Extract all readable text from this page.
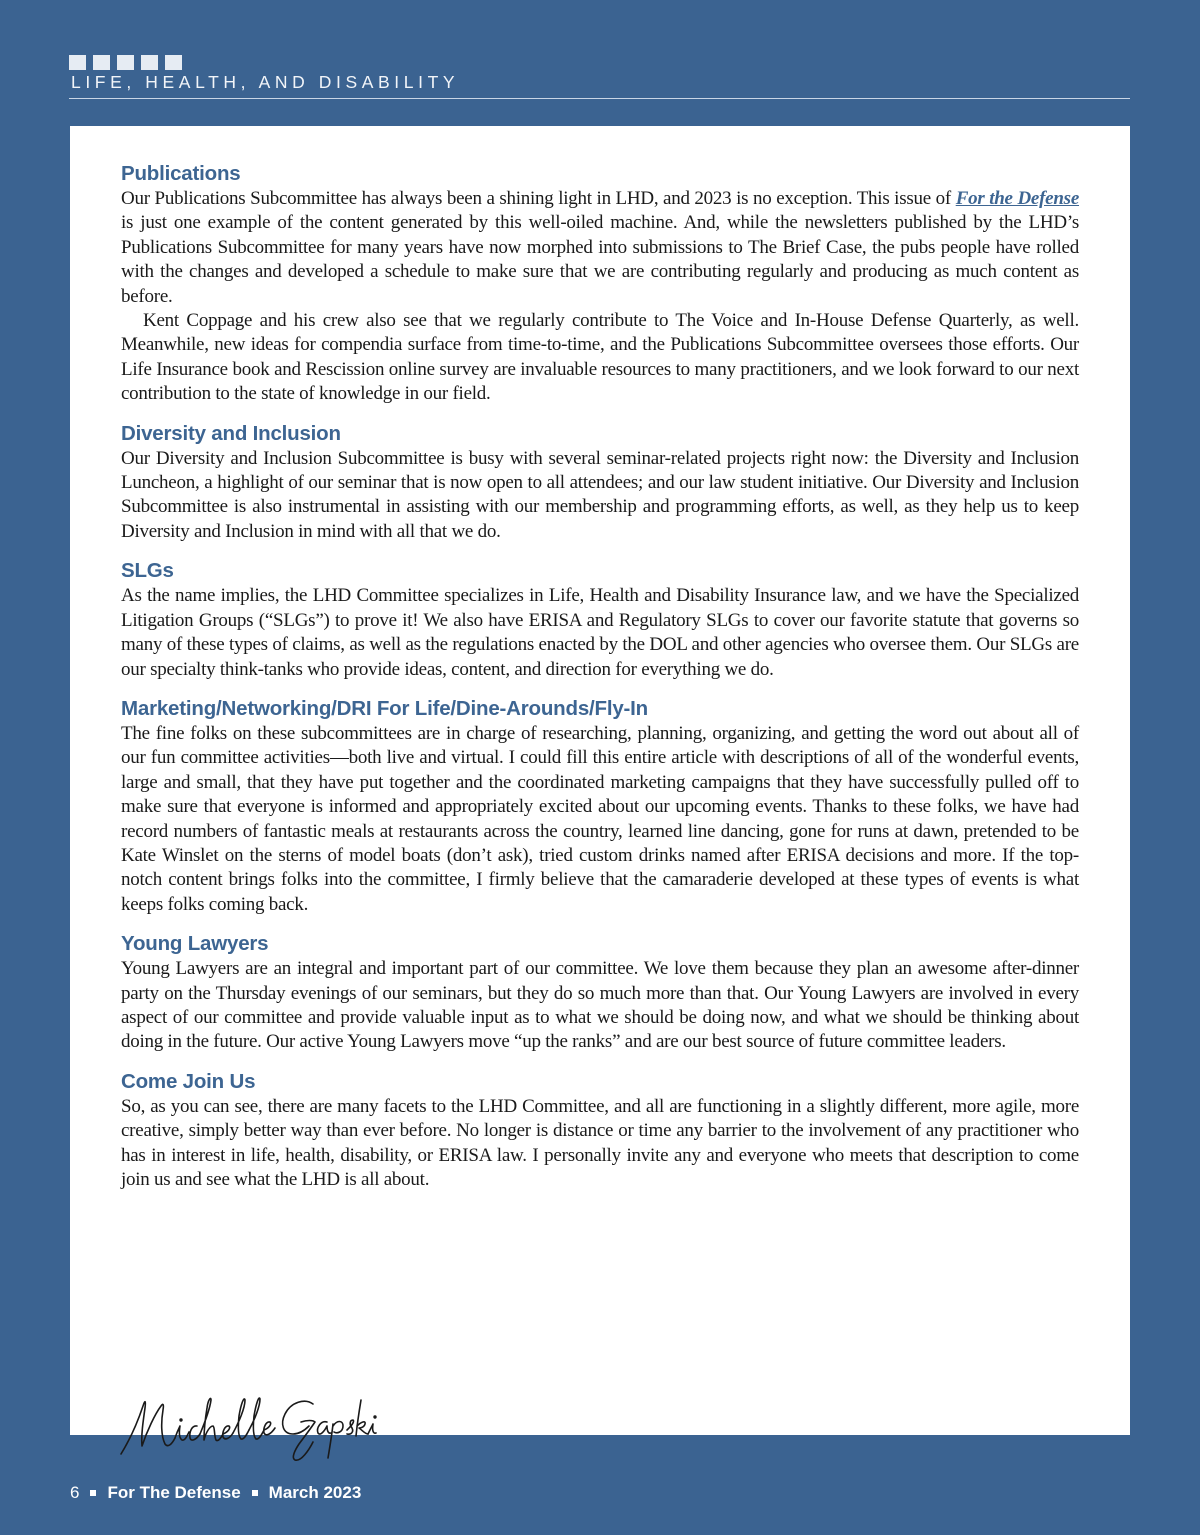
LIFE, HEALTH, AND DISABILITY
Publications

Our Publications Subcommittee has always been a shining light in LHD, and 2023 is no exception. This issue of For the Defense is just one example of the content generated by this well-oiled machine. And, while the newsletters published by the LHD’s Publications Subcommittee for many years have now morphed into submissions to The Brief Case, the pubs people have rolled with the changes and developed a schedule to make sure that we are contributing regularly and producing as much content as before.

Kent Coppage and his crew also see that we regularly contribute to The Voice and In-House Defense Quarterly, as well. Meanwhile, new ideas for compendia surface from time-to-time, and the Publications Subcommittee oversees those efforts. Our Life Insurance book and Rescission online survey are invaluable resources to many practitioners, and we look forward to our next contribution to the state of knowledge in our field.

Diversity and Inclusion

Our Diversity and Inclusion Subcommittee is busy with several seminar-related projects right now: the Diversity and Inclusion Luncheon, a highlight of our seminar that is now open to all attendees; and our law student initiative. Our Diversity and Inclusion Subcommittee is also instrumental in assisting with our membership and programming efforts, as well, as they help us to keep Diversity and Inclusion in mind with all that we do.

SLGs

As the name implies, the LHD Committee specializes in Life, Health and Disability Insurance law, and we have the Specialized Litigation Groups (“SLGs”) to prove it! We also have ERISA and Regulatory SLGs to cover our favorite statute that governs so many of these types of claims, as well as the regulations enacted by the DOL and other agencies who oversee them. Our SLGs are our specialty think-tanks who provide ideas, content, and direction for everything we do.

Marketing/Networking/DRI For Life/Dine-Arounds/Fly-In

The fine folks on these subcommittees are in charge of researching, planning, organizing, and getting the word out about all of our fun committee activities—both live and virtual. I could fill this entire article with descriptions of all of the wonderful events, large and small, that they have put together and the coordinated marketing campaigns that they have successfully pulled off to make sure that everyone is informed and appropriately excited about our upcoming events. Thanks to these folks, we have had record numbers of fantastic meals at restaurants across the country, learned line dancing, gone for runs at dawn, pretended to be Kate Winslet on the sterns of model boats (don’t ask), tried custom drinks named after ERISA decisions and more. If the top-notch content brings folks into the committee, I firmly believe that the camaraderie developed at these types of events is what keeps folks coming back.

Young Lawyers

Young Lawyers are an integral and important part of our committee. We love them because they plan an awesome after-dinner party on the Thursday evenings of our seminars, but they do so much more than that. Our Young Lawyers are involved in every aspect of our committee and provide valuable input as to what we should be doing now, and what we should be thinking about doing in the future. Our active Young Lawyers move “up the ranks” and are our best source of future committee leaders.

Come Join Us

So, as you can see, there are many facets to the LHD Committee, and all are functioning in a slightly different, more agile, more creative, simply better way than ever before. No longer is distance or time any barrier to the involvement of any practitioner who has in interest in life, health, disability, or ERISA law. I personally invite any and everyone who meets that description to come join us and see what the LHD is all about.

6 For The Defense March 2023
